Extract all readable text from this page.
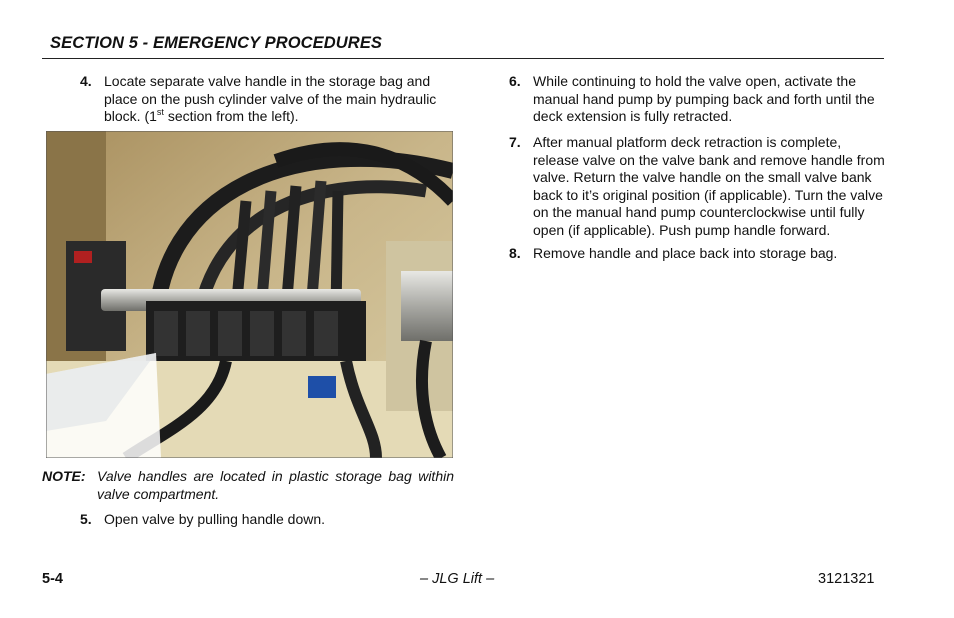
SECTION 5 - EMERGENCY PROCEDURES
4. Locate separate valve handle in the storage bag and place on the push cylinder valve of the main hydraulic block. (1st section from the left).
NOTE: Valve handles are located in plastic storage bag within valve compartment.
5. Open valve by pulling handle down.
6. While continuing to hold the valve open, activate the manual hand pump by pumping back and forth until the deck extension is fully retracted.
7. After manual platform deck retraction is complete, release valve on the valve bank and remove handle from valve. Return the valve handle on the small valve bank back to it’s original position (if applicable). Turn the valve on the manual hand pump counterclockwise until fully open (if applicable). Push pump handle forward.
8. Remove handle and place back into storage bag.
5-4	– JLG Lift –	3121321
